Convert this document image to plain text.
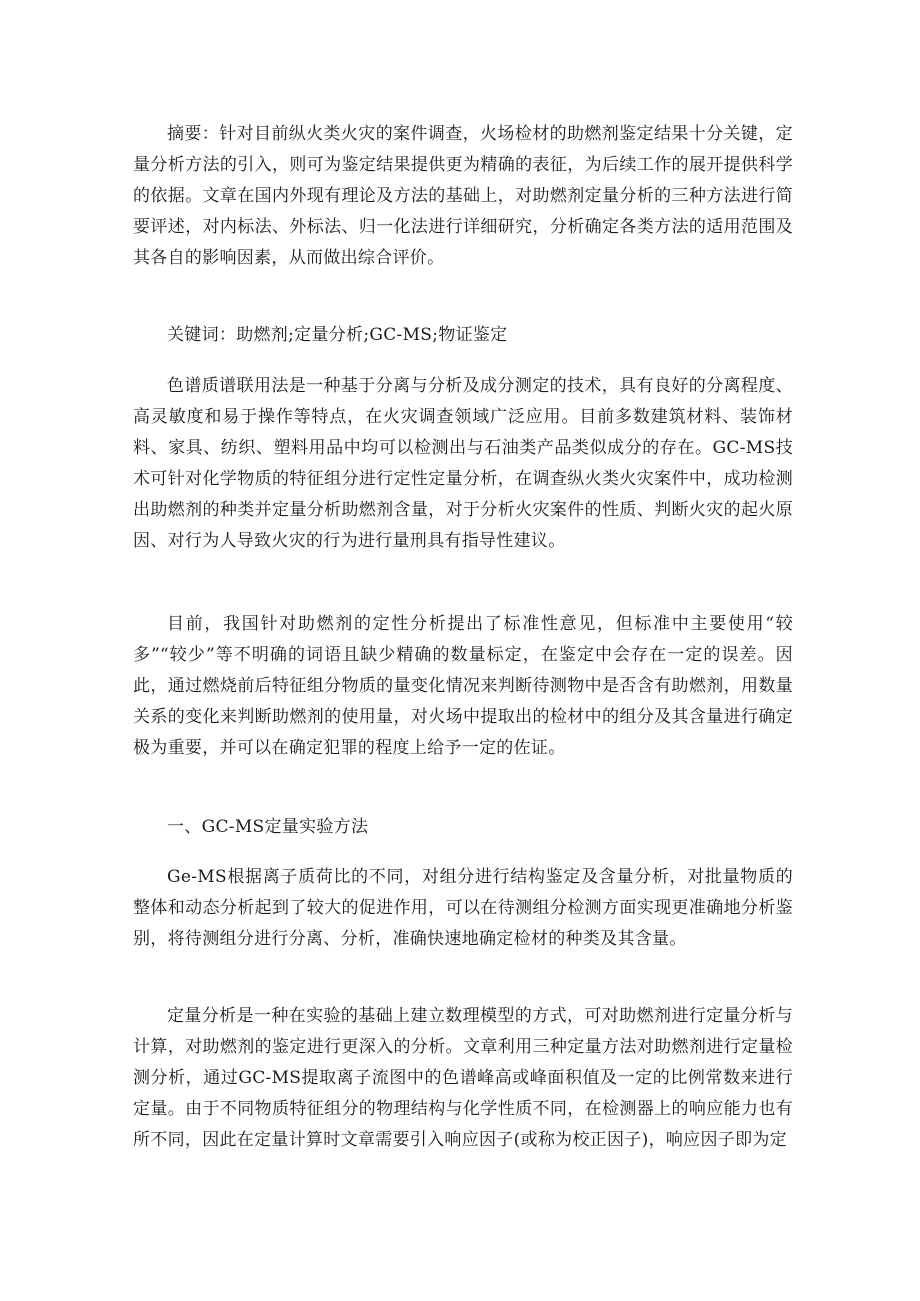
摘要：针对目前纵火类火灾的案件调查，火场检材的助燃剂鉴定结果十分关键，定量分析方法的引入，则可为鉴定结果提供更为精确的表征，为后续工作的展开提供科学的依据。文章在国内外现有理论及方法的基础上，对助燃剂定量分析的三种方法进行简要评述，对内标法、外标法、归一化法进行详细研究，分析确定各类方法的适用范围及其各自的影响因素，从而做出综合评价。

关键词：助燃剂;定量分析;GC-MS;物证鉴定

色谱质谱联用法是一种基于分离与分析及成分测定的技术，具有良好的分离程度、高灵敏度和易于操作等特点，在火灾调查领域广泛应用。目前多数建筑材料、装饰材料、家具、纺织、塑料用品中均可以检测出与石油类产品类似成分的存在。GC-MS技术可针对化学物质的特征组分进行定性定量分析，在调查纵火类火灾案件中，成功检测出助燃剂的种类并定量分析助燃剂含量，对于分析火灾案件的性质、判断火灾的起火原因、对行为人导致火灾的行为进行量刑具有指导性建议。

目前，我国针对助燃剂的定性分析提出了标准性意见，但标准中主要使用“较多”“较少”等不明确的词语且缺少精确的数量标定，在鉴定中会存在一定的误差。因此，通过燃烧前后特征组分物质的量变化情况来判断待测物中是否含有助燃剂，用数量关系的变化来判断助燃剂的使用量，对火场中提取出的检材中的组分及其含量进行确定极为重要，并可以在确定犯罪的程度上给予一定的佐证。

一、GC-MS定量实验方法

Ge-MS根据离子质荷比的不同，对组分进行结构鉴定及含量分析，对批量物质的整体和动态分析起到了较大的促进作用，可以在待测组分检测方面实现更准确地分析鉴别，将待测组分进行分离、分析，准确快速地确定检材的种类及其含量。

定量分析是一种在实验的基础上建立数理模型的方式，可对助燃剂进行定量分析与计算，对助燃剂的鉴定进行更深入的分析。文章利用三种定量方法对助燃剂进行定量检测分析，通过GC-MS提取离子流图中的色谱峰高或峰面积值及一定的比例常数来进行定量。由于不同物质特征组分的物理结构与化学性质不同，在检测器上的响应能力也有所不同，因此在定量计算时文章需要引入响应因子(或称为校正因子)，响应因子即为定
